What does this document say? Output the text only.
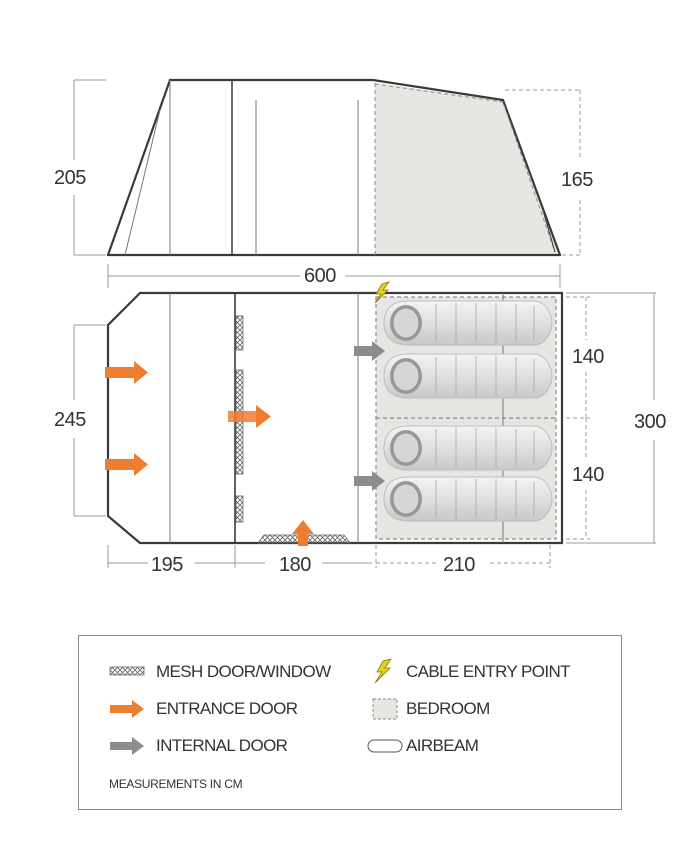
205	165
600
245	300
140
140
195	180	210
MESH DOOR/WINDOW	CABLE ENTRY POINT
ENTRANCE DOOR	BEDROOM
INTERNAL DOOR	AIRBEAM
MEASUREMENTS IN CM
